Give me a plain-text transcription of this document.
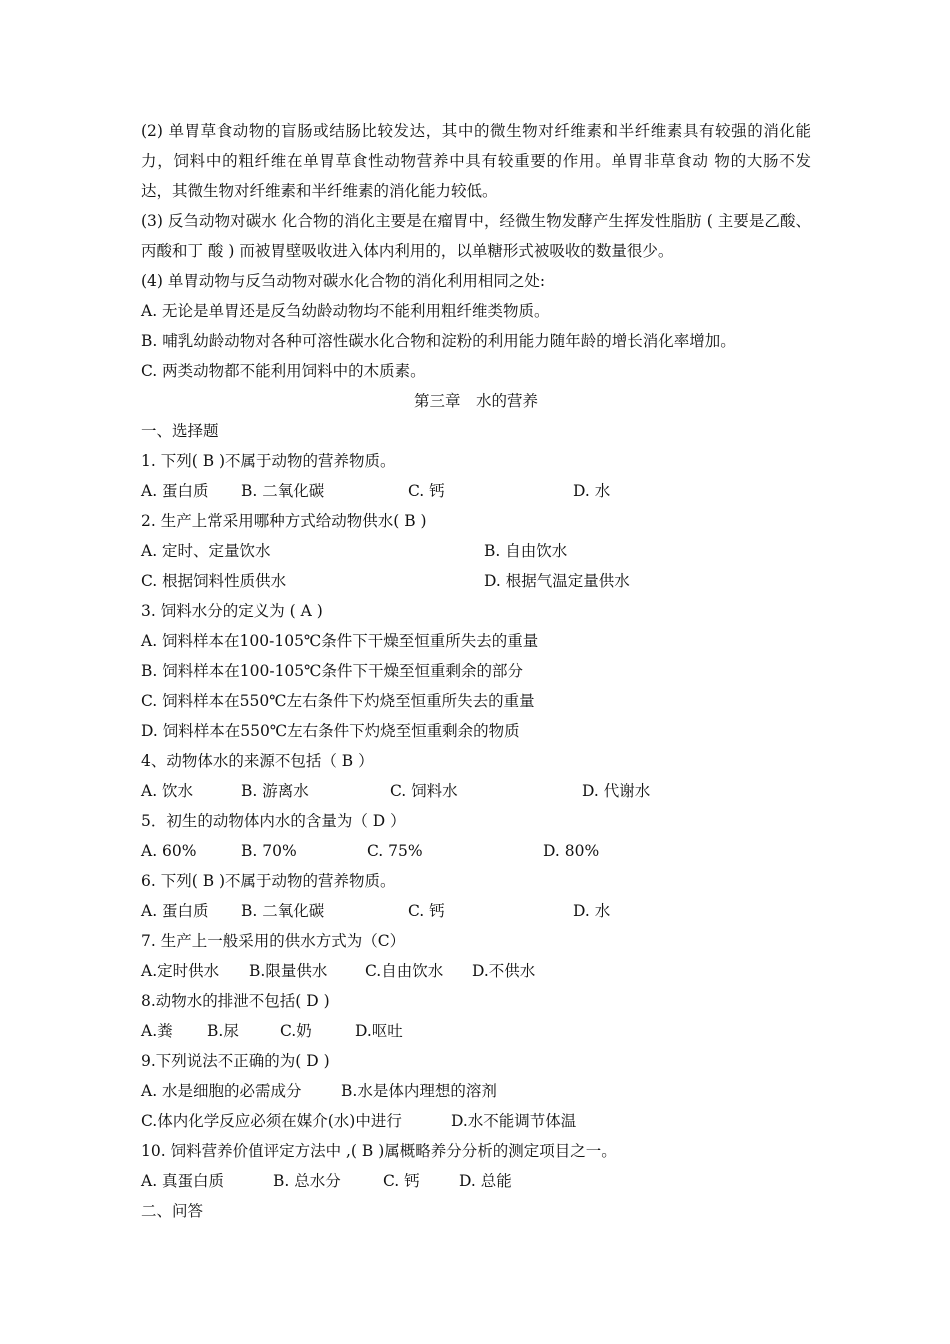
(2) 单胃草食动物的盲肠或结肠比较发达，其中的微生物对纤维素和半纤维素具有较强的消化能力，饲料中的粗纤维在单胃草食性动物营养中具有较重要的作用。单胃非草食动 物的大肠不发达，其微生物对纤维素和半纤维素的消化能力较低。

(3) 反刍动物对碳水 化合物的消化主要是在瘤胃中，经微生物发酵产生挥发性脂肪 ( 主要是乙酸、丙酸和丁 酸 ) 而被胃壁吸收进入体内利用的，以单糖形式被吸收的数量很少。

(4) 单胃动物与反刍动物对碳水化合物的消化利用相同之处:

A. 无论是单胃还是反刍幼龄动物均不能利用粗纤维类物质。

B. 哺乳幼龄动物对各种可溶性碳水化合物和淀粉的利用能力随年龄的增长消化率增加。

C. 两类动物都不能利用饲料中的木质素。

第三章　水的营养

一、选择题

1. 下列( B )不属于动物的营养物质。

A. 蛋白质 B. 二氧化碳	C. 钙	D. 水

2. 生产上常采用哪种方式给动物供水( B )

A. 定时、定量饮水	B. 自由饮水
C. 根据饲料性质供水	D. 根据气温定量供水

3. 饲料水分的定义为 ( A )

A. 饲料样本在100-105℃条件下干燥至恒重所失去的重量

B. 饲料样本在100-105℃条件下干燥至恒重剩余的部分

C. 饲料样本在550℃左右条件下灼烧至恒重所失去的重量

D. 饲料样本在550℃左右条件下灼烧至恒重剩余的物质

4、动物体水的来源不包括（ B ）

A. 饮水	B. 游离水	C. 饲料水	D. 代谢水

5．初生的动物体内水的含量为（ D ）

A. 60%	B. 70%	C. 75%	D. 80%

6. 下列( B )不属于动物的营养物质。

A. 蛋白质 B. 二氧化碳	C. 钙	D. 水

7. 生产上一般采用的供水方式为（C）

A.定时供水 B.限量供水 C.自由饮水 D.不供水

8.动物水的排泄不包括( D )

A.粪 B.尿	C.奶	D.呕吐

9.下列说法不正确的为( D )

A. 水是细胞的必需成分	B.水是体内理想的溶剂
C.体内化学反应必须在媒介(水)中进行	D.水不能调节体温

10. 饲料营养价值评定方法中 ,( B )属概略养分分析的测定项目之一。

A. 真蛋白质	B. 总水分	C. 钙	D. 总能

二、问答
